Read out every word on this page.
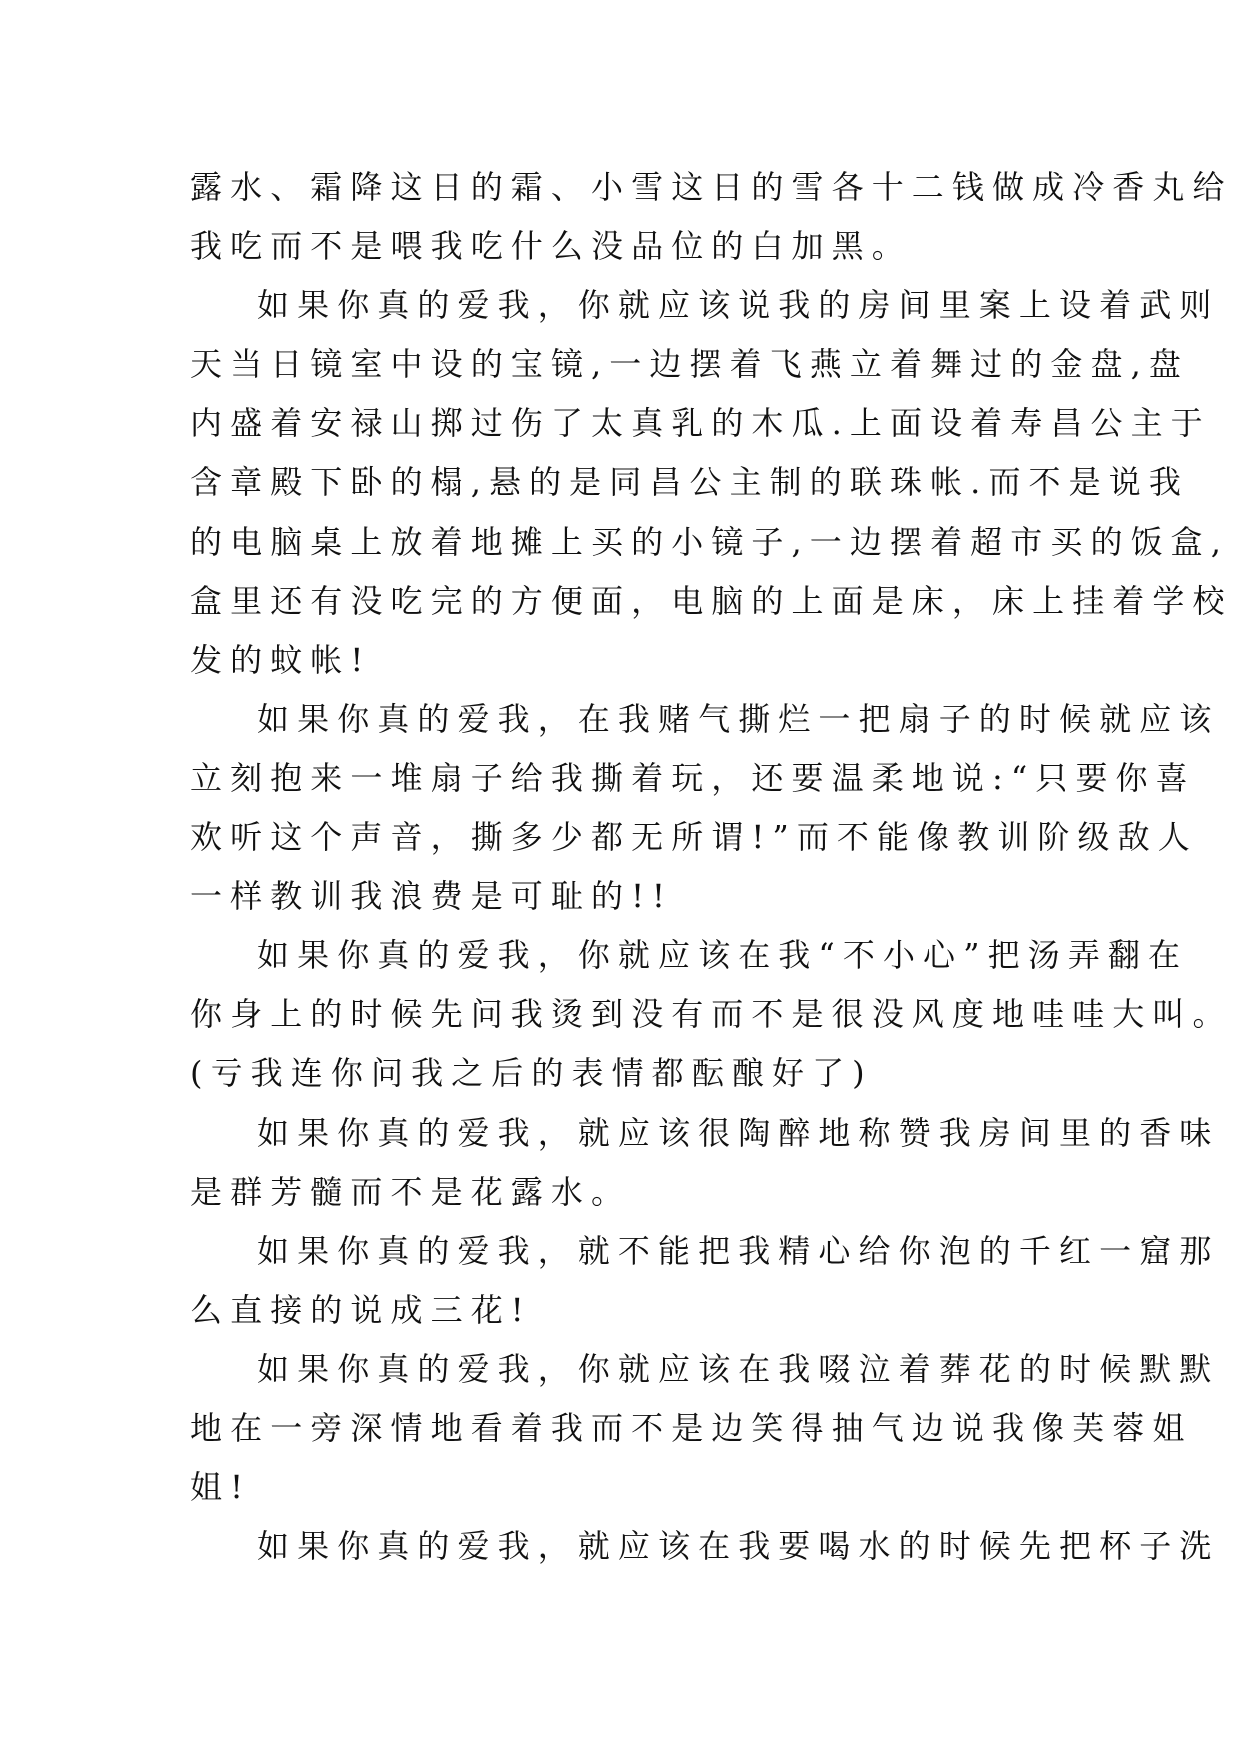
露水、霜降这日的霜、小雪这日的雪各十二钱做成冷香丸给
我吃而不是喂我吃什么没品位的白加黑。
如果你真的爱我，你就应该说我的房间里案上设着武则
天当日镜室中设的宝镜,一边摆着飞燕立着舞过的金盘,盘
内盛着安禄山掷过伤了太真乳的木瓜.上面设着寿昌公主于
含章殿下卧的榻,悬的是同昌公主制的联珠帐.而不是说我
的电脑桌上放着地摊上买的小镜子,一边摆着超市买的饭盒,
盒里还有没吃完的方便面，电脑的上面是床，床上挂着学校
发的蚊帐!
如果你真的爱我，在我赌气撕烂一把扇子的时候就应该
立刻抱来一堆扇子给我撕着玩，还要温柔地说:“只要你喜
欢听这个声音，撕多少都无所谓!”而不能像教训阶级敌人
一样教训我浪费是可耻的!!
如果你真的爱我，你就应该在我“不小心”把汤弄翻在
你身上的时候先问我烫到没有而不是很没风度地哇哇大叫。
(亏我连你问我之后的表情都酝酿好了)
如果你真的爱我，就应该很陶醉地称赞我房间里的香味
是群芳髓而不是花露水。
如果你真的爱我，就不能把我精心给你泡的千红一窟那
么直接的说成三花!
如果你真的爱我，你就应该在我啜泣着葬花的时候默默
地在一旁深情地看着我而不是边笑得抽气边说我像芙蓉姐
姐!
如果你真的爱我，就应该在我要喝水的时候先把杯子洗
